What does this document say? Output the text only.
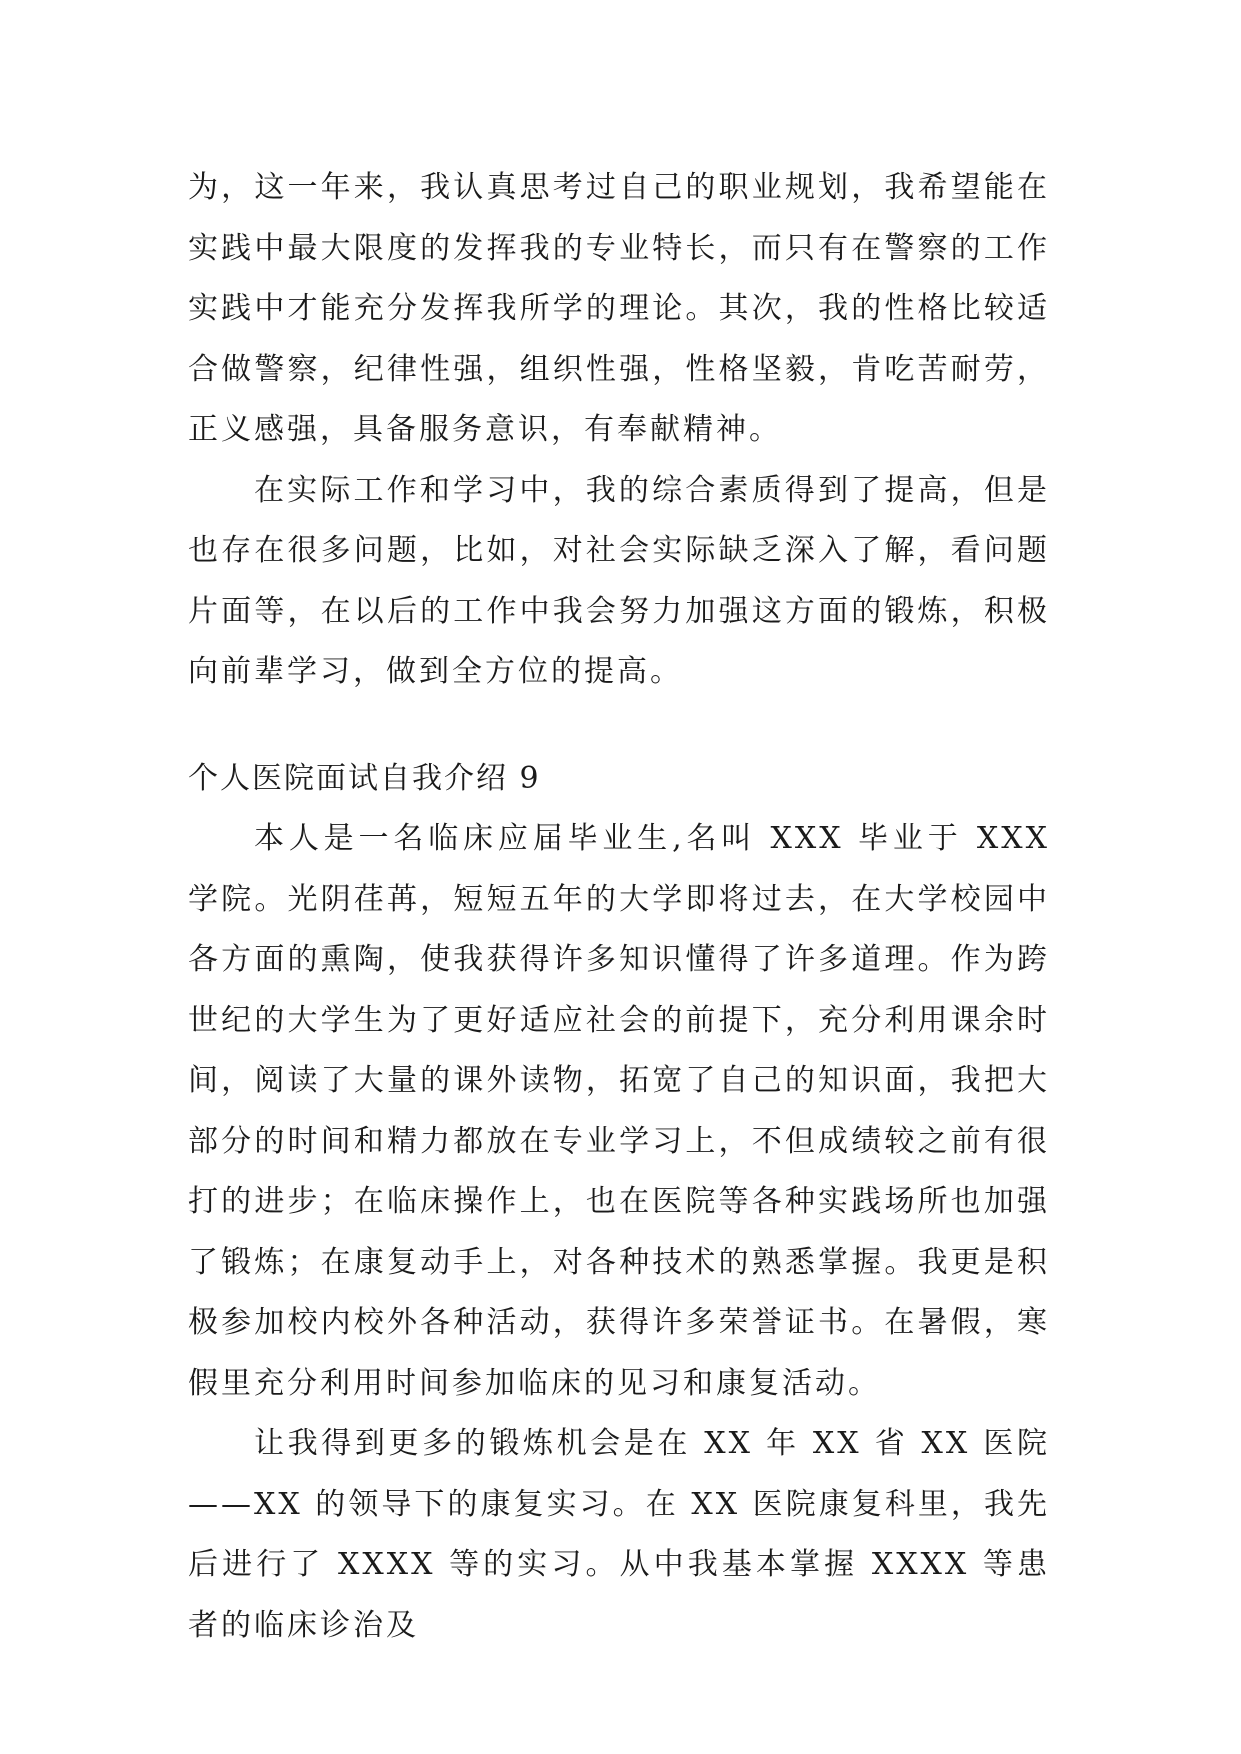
为，这一年来，我认真思考过自己的职业规划，我希望能在实践中最大限度的发挥我的专业特长，而只有在警察的工作实践中才能充分发挥我所学的理论。其次，我的性格比较适合做警察，纪律性强，组织性强，性格坚毅，肯吃苦耐劳，正义感强，具备服务意识，有奉献精神。

在实际工作和学习中，我的综合素质得到了提高，但是也存在很多问题，比如，对社会实际缺乏深入了解，看问题片面等，在以后的工作中我会努力加强这方面的锻炼，积极向前辈学习，做到全方位的提高。

个人医院面试自我介绍 9

本人是一名临床应届毕业生,名叫 XXX 毕业于 XXX 学院。光阴荏苒，短短五年的大学即将过去，在大学校园中各方面的熏陶，使我获得许多知识懂得了许多道理。作为跨世纪的大学生为了更好适应社会的前提下，充分利用课余时间，阅读了大量的课外读物，拓宽了自己的知识面，我把大部分的时间和精力都放在专业学习上，不但成绩较之前有很打的进步；在临床操作上，也在医院等各种实践场所也加强了锻炼；在康复动手上，对各种技术的熟悉掌握。我更是积极参加校内校外各种活动，获得许多荣誉证书。在暑假，寒假里充分利用时间参加临床的见习和康复活动。

让我得到更多的锻炼机会是在 XX 年 XX 省 XX 医院——XX 的领导下的康复实习。在 XX 医院康复科里，我先后进行了 XXXX 等的实习。从中我基本掌握 XXXX 等患者的临床诊治及
